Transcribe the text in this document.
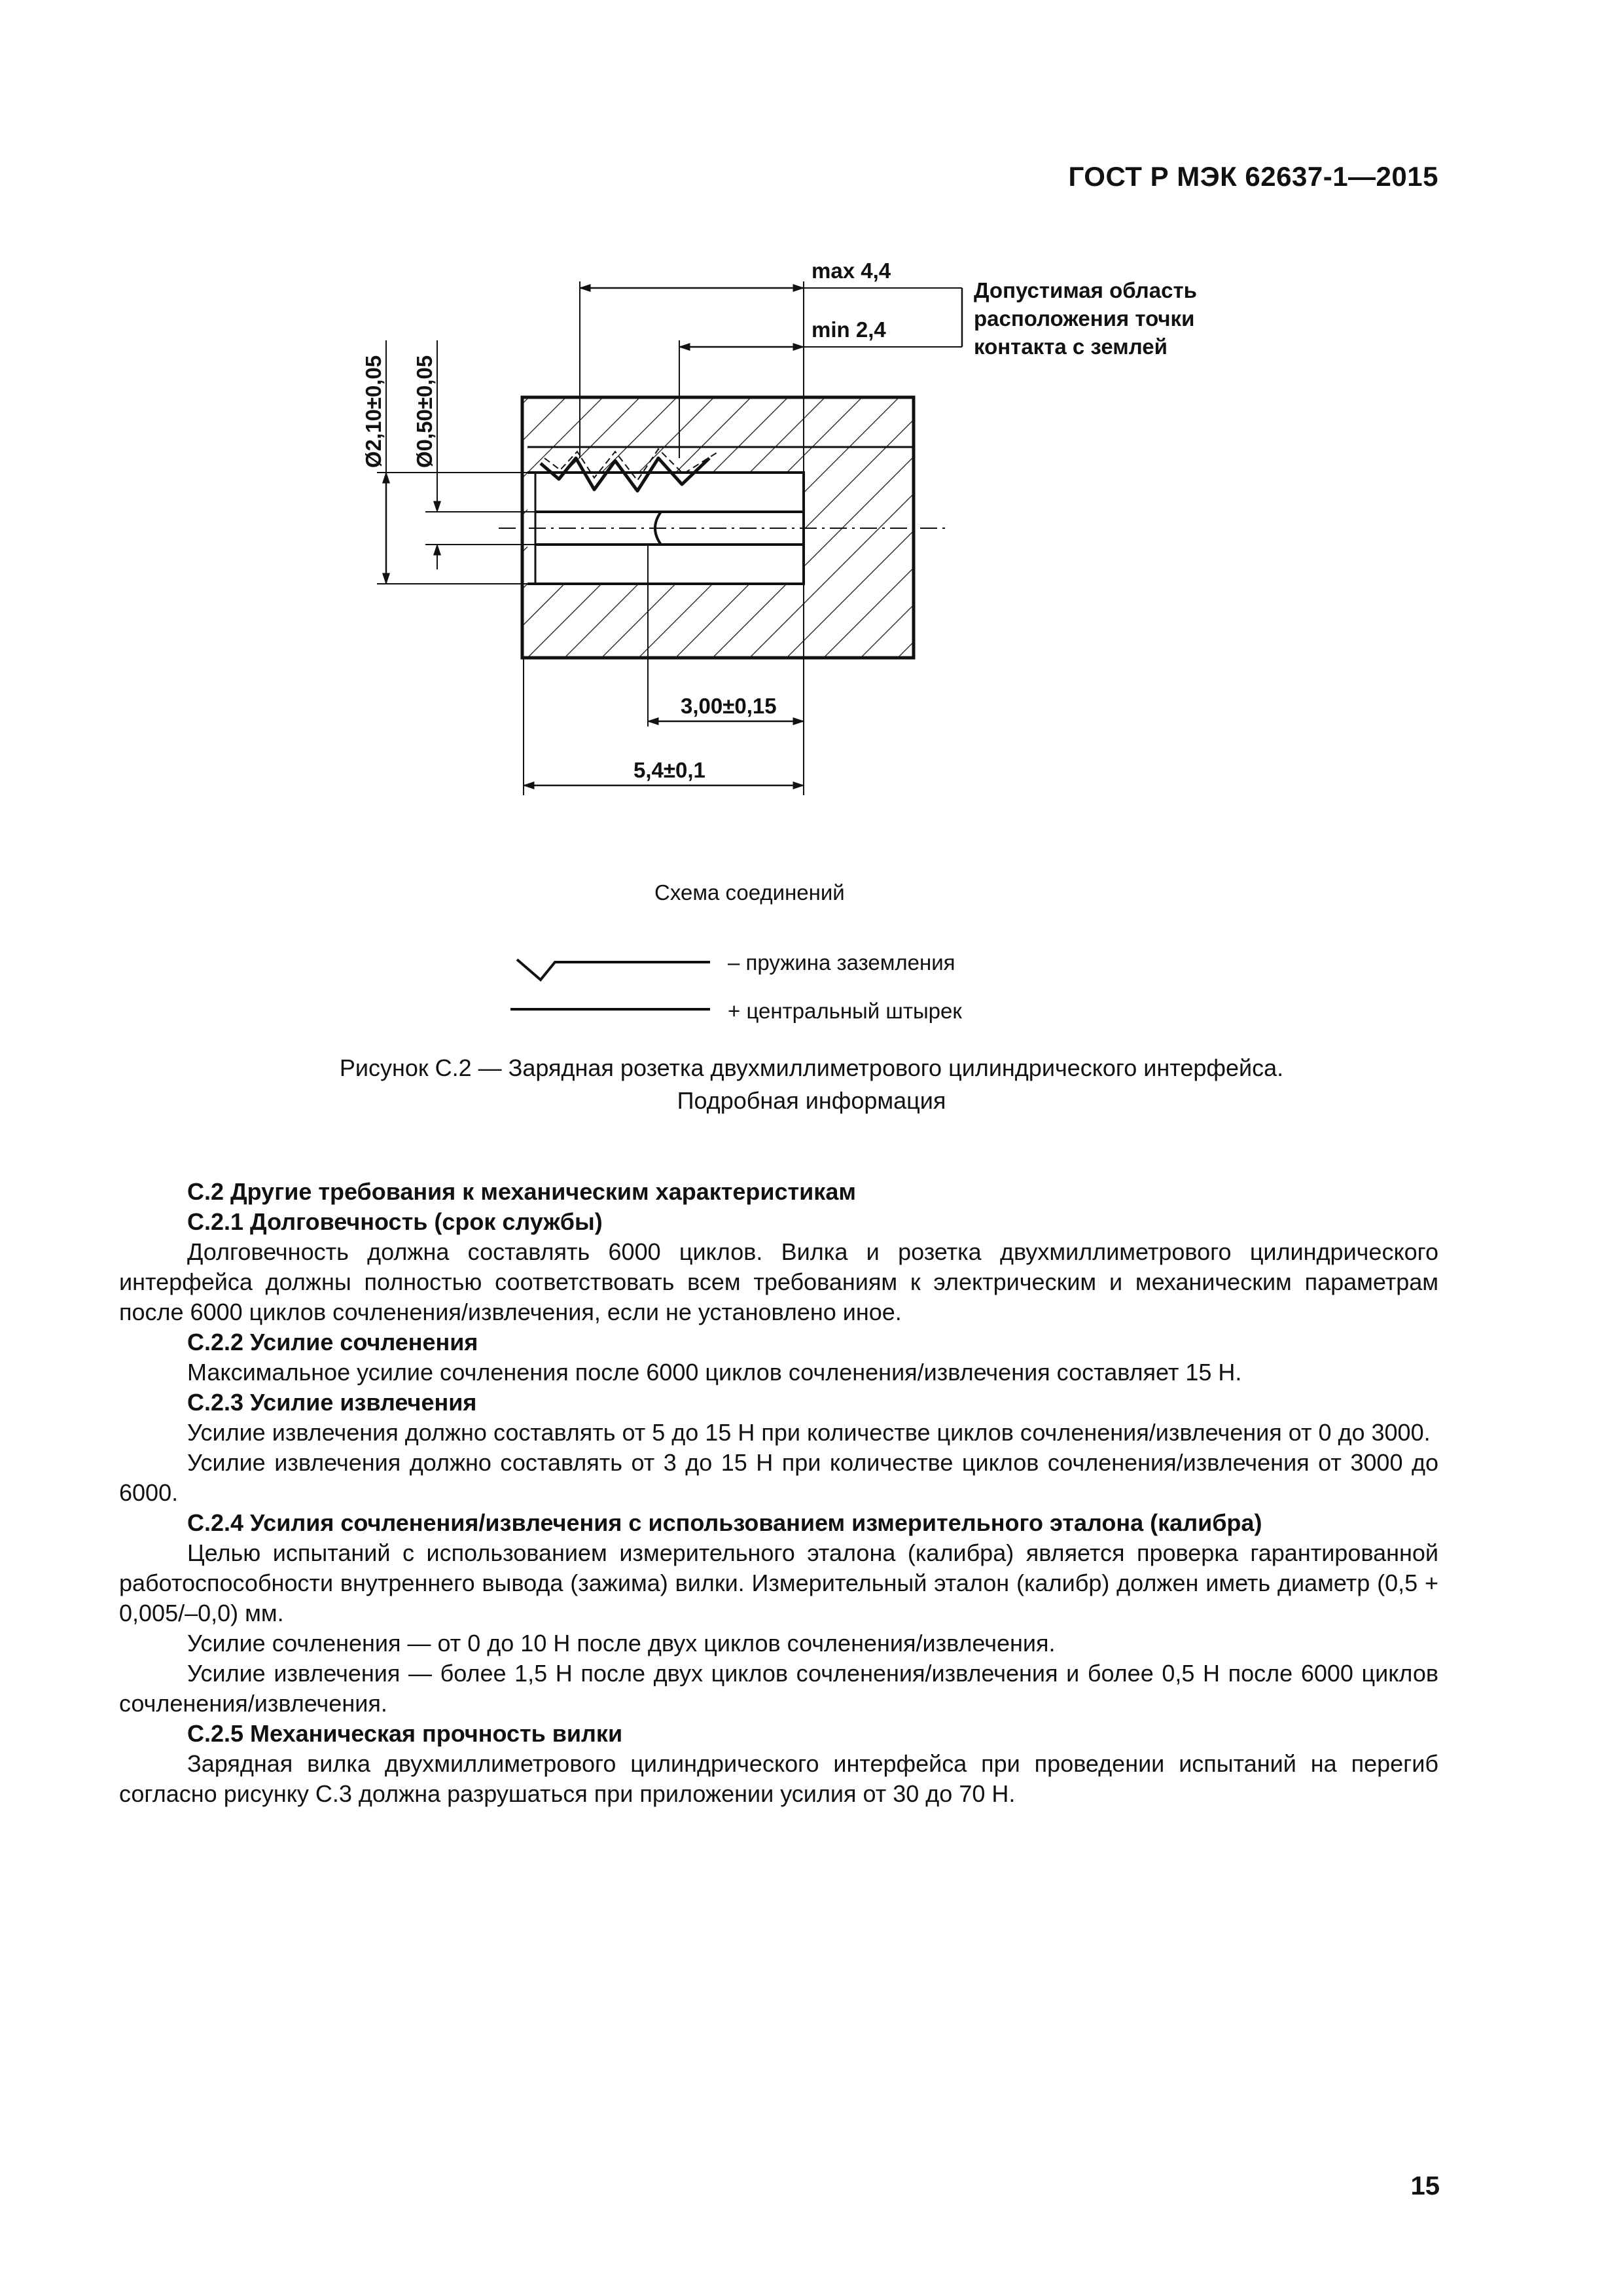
ГОСТ Р МЭК 62637-1—2015
max 4,4
min 2,4
Допустимая область
расположения точки
контакта с землей
Ø2,10±0,05 Ø0,50±0,05
3,00±0,15
5,4±0,1
Схема соединений
– пружина заземления
+ центральный штырек
Рисунок С.2 — Зарядная розетка двухмиллиметрового цилиндрического интерфейса.
Подробная информация

С.2 Другие требования к механическим характеристикам

С.2.1 Долговечность (срок службы)

Долговечность должна составлять 6000 циклов. Вилка и розетка двухмиллиметрового цилиндрического интерфейса должны полностью соответствовать всем требованиям к электрическим и механическим параметрам после 6000 циклов сочленения/извлечения, если не установлено иное.

С.2.2 Усилие сочленения

Максимальное усилие сочленения после 6000 циклов сочленения/извлечения составляет 15 Н.

С.2.3 Усилие извлечения

Усилие извлечения должно составлять от 5 до 15 Н при количестве циклов сочленения/извлечения от 0 до 3000.

Усилие извлечения должно составлять от 3 до 15 Н при количестве циклов сочленения/извлечения от 3000 до 6000.

С.2.4 Усилия сочленения/извлечения с использованием измерительного эталона (калибра)

Целью испытаний с использованием измерительного эталона (калибра) является проверка гарантированной работоспособности внутреннего вывода (зажима) вилки. Измерительный эталон (калибр) должен иметь диаметр (0,5 + 0,005/–0,0) мм.

Усилие сочленения — от 0 до 10 Н после двух циклов сочленения/извлечения.

Усилие извлечения — более 1,5 Н после двух циклов сочленения/извлечения и более 0,5 Н после 6000 циклов сочленения/извлечения.

С.2.5 Механическая прочность вилки

Зарядная вилка двухмиллиметрового цилиндрического интерфейса при проведении испытаний на перегиб согласно рисунку С.3 должна разрушаться при приложении усилия от 30 до 70 Н.

15
